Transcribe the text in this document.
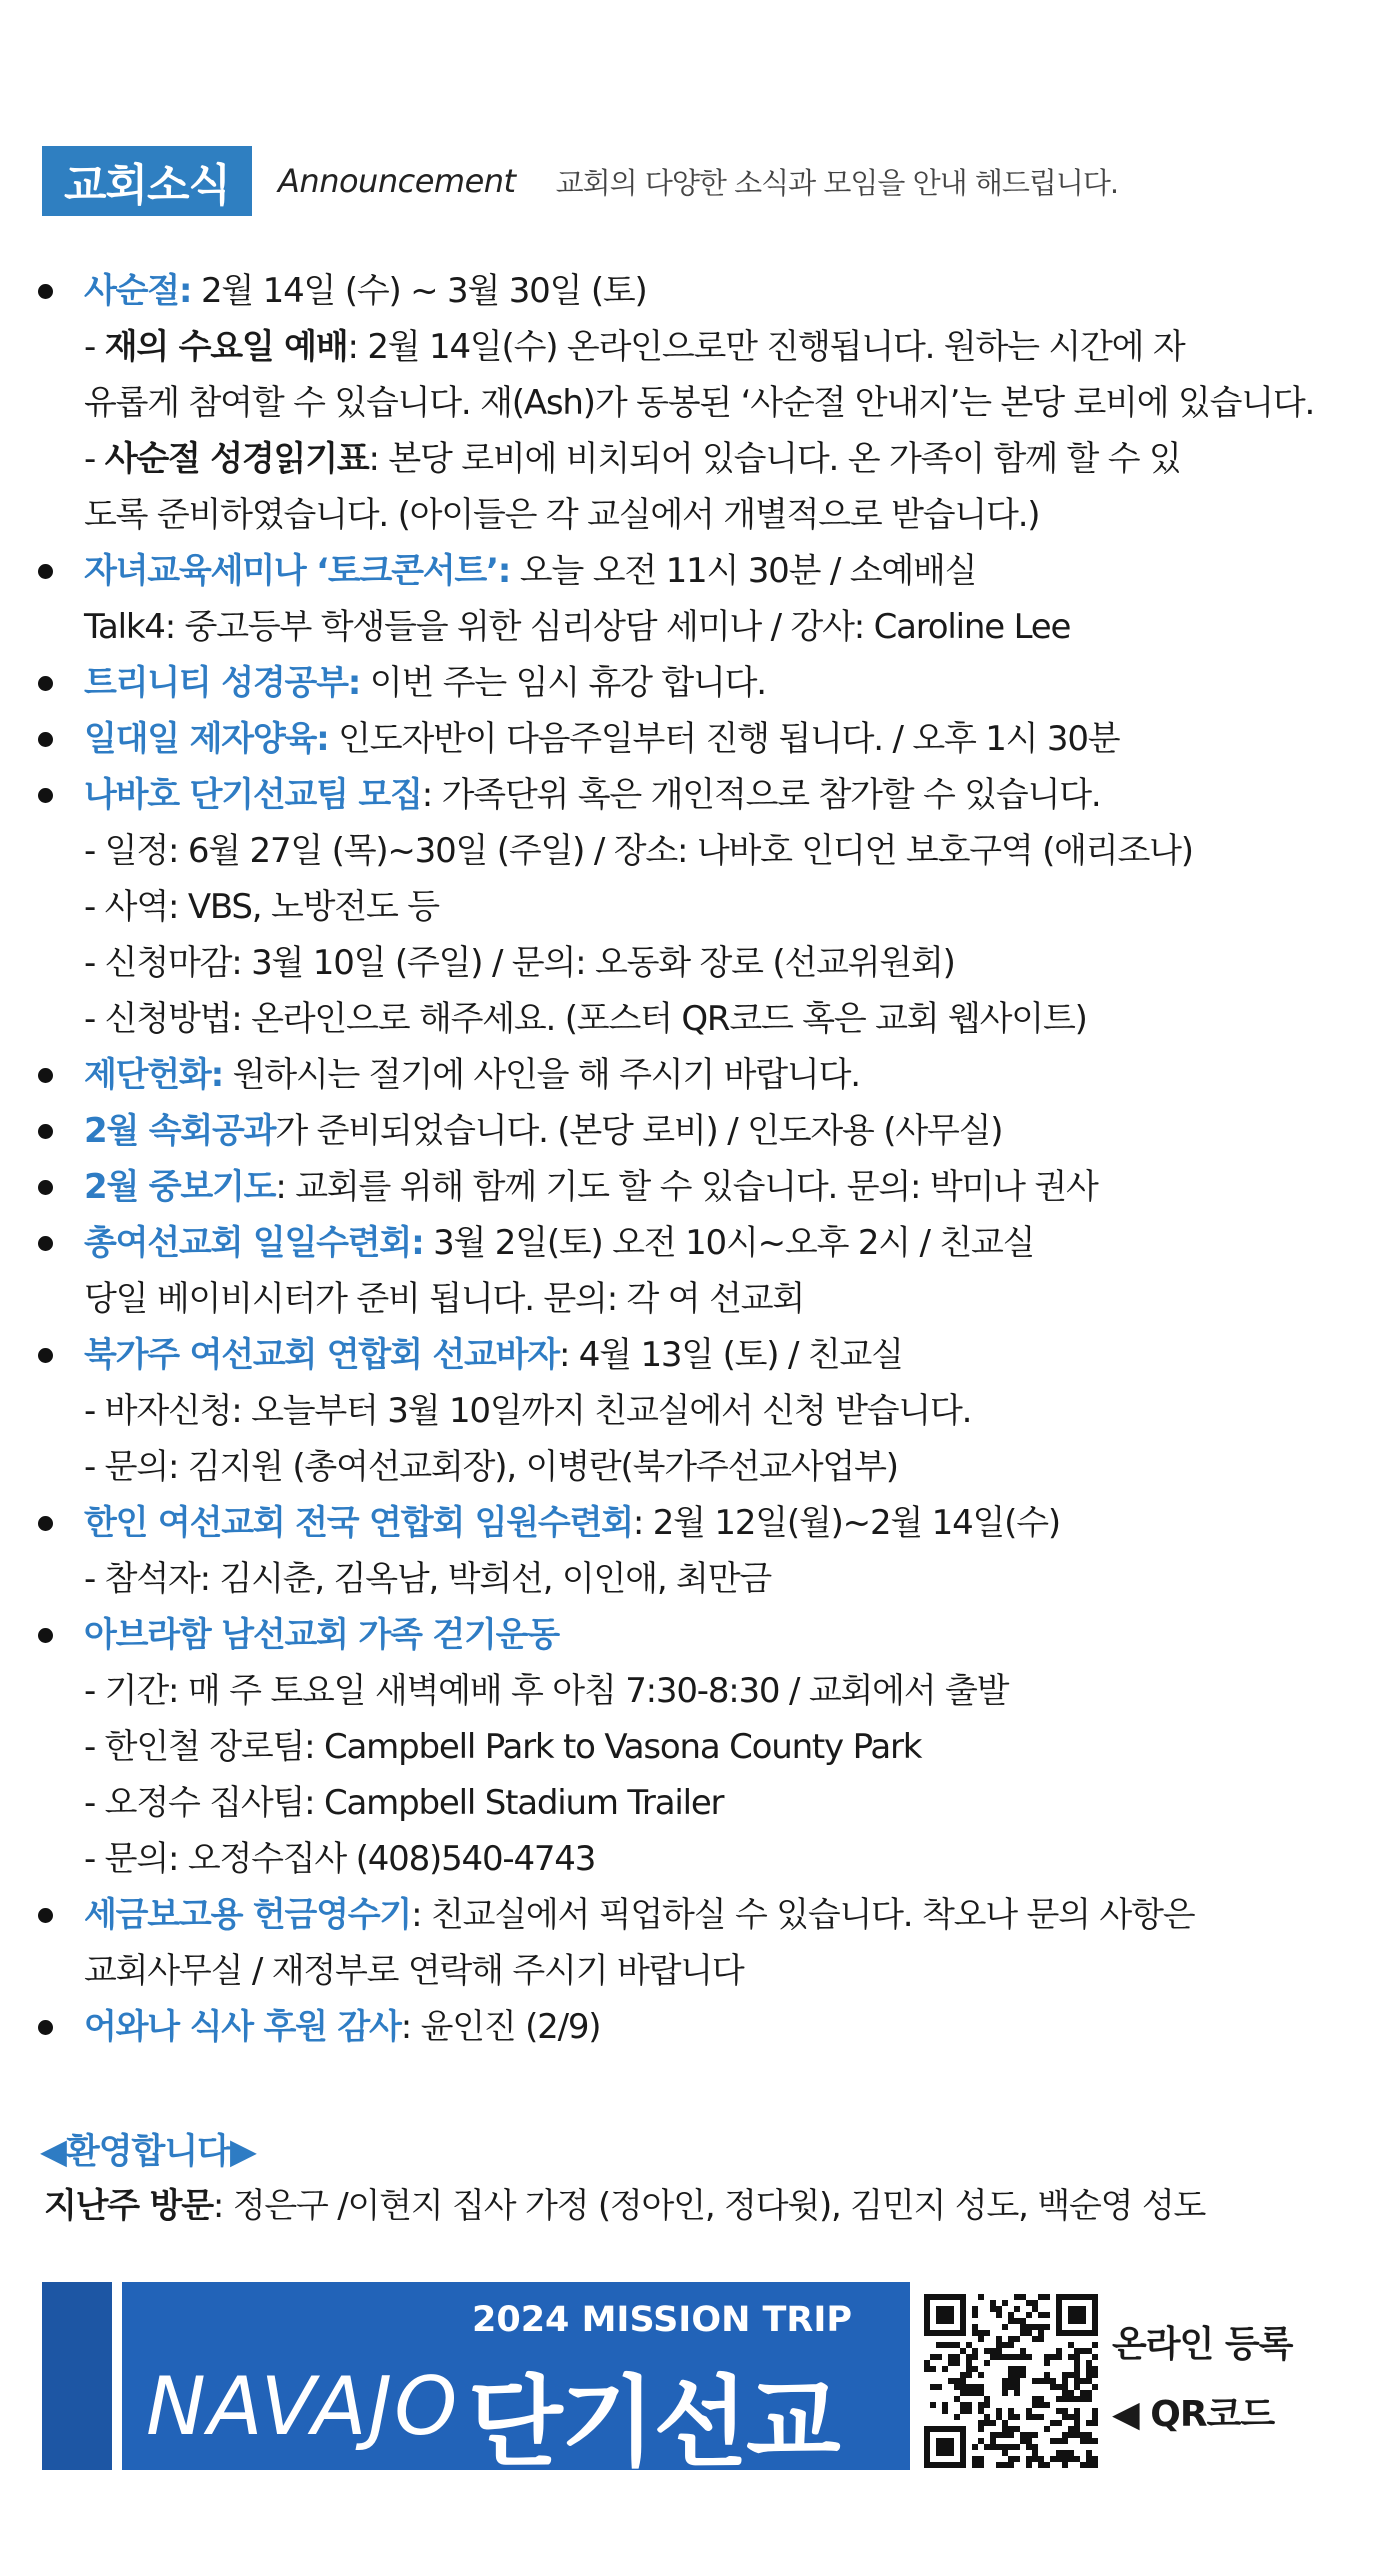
교회소식	Announcement 교회의 다양한 소식과 모임을 안내 해드립니다.
사순절: 2월 14일 (수) ~ 3월 30일 (토)
- 재의 수요일 예배: 2월 14일(수) 온라인으로만 진행됩니다. 원하는 시간에 자
유롭게 참여할 수 있습니다. 재(Ash)가 동봉된 ‘사순절 안내지’는 본당 로비에 있습니다.
- 사순절 성경읽기표: 본당 로비에 비치되어 있습니다. 온 가족이 함께 할 수 있
도록 준비하였습니다. (아이들은 각 교실에서 개별적으로 받습니다.)
자녀교육세미나 ‘토크콘서트’: 오늘 오전 11시 30분 / 소예배실
Talk4: 중고등부 학생들을 위한 심리상담 세미나 / 강사: Caroline Lee
트리니티 성경공부: 이번 주는 임시 휴강 합니다.
일대일 제자양육: 인도자반이 다음주일부터 진행 됩니다. / 오후 1시 30분
나바호 단기선교팀 모집: 가족단위 혹은 개인적으로 참가할 수 있습니다.
- 일정: 6월 27일 (목)~30일 (주일) / 장소: 나바호 인디언 보호구역 (애리조나)
- 사역: VBS, 노방전도 등
- 신청마감: 3월 10일 (주일) / 문의: 오동화 장로 (선교위원회)
- 신청방법: 온라인으로 해주세요. (포스터 QR코드 혹은 교회 웹사이트)
제단헌화: 원하시는 절기에 사인을 해 주시기 바랍니다.
2월 속회공과가 준비되었습니다. (본당 로비) / 인도자용 (사무실)
2월 중보기도: 교회를 위해 함께 기도 할 수 있습니다. 문의: 박미나 권사
총여선교회 일일수련회: 3월 2일(토) 오전 10시~오후 2시 / 친교실
당일 베이비시터가 준비 됩니다. 문의: 각 여 선교회
북가주 여선교회 연합회 선교바자: 4월 13일 (토) / 친교실
- 바자신청: 오늘부터 3월 10일까지 친교실에서 신청 받습니다.
- 문의: 김지원 (총여선교회장), 이병란(북가주선교사업부)
한인 여선교회 전국 연합회 임원수련회: 2월 12일(월)~2월 14일(수)
- 참석자: 김시춘, 김옥남, 박희선, 이인애, 최만금
아브라함 남선교회 가족 걷기운동
- 기간: 매 주 토요일 새벽예배 후 아침 7:30-8:30 / 교회에서 출발
- 한인철 장로팀: Campbell Park to Vasona County Park
- 오정수 집사팀: Campbell Stadium Trailer
- 문의: 오정수집사 (408)540-4743
세금보고용 헌금영수기: 친교실에서 픽업하실 수 있습니다. 착오나 문의 사항은
교회사무실 / 재정부로 연락해 주시기 바랍니다
어와나 식사 후원 감사: 윤인진 (2/9)
◀환영합니다▶
지난주 방문: 정은구 /이현지 집사 가정 (정아인, 정다윗), 김민지 성도, 백순영 성도
2024 MISSION TRIP
NAVAJO 단기선교
온라인 등록
◀ QR코드
